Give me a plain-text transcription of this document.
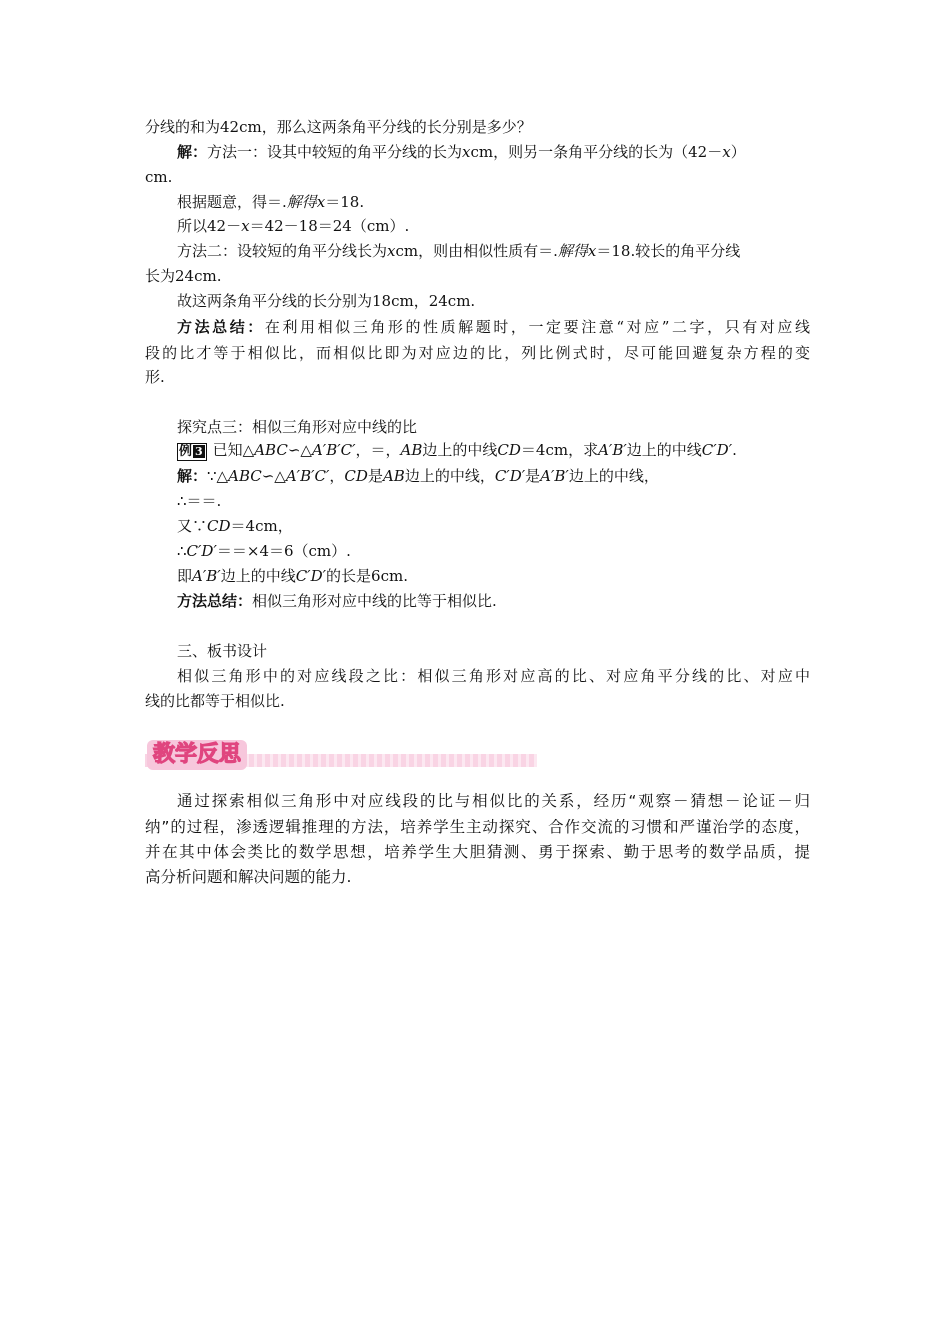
分线的和为42cm，那么这两条角平分线的长分别是多少？
解：方法一：设其中较短的角平分线的长为xcm，则另一条角平分线的长为（42－x）
cm.
根据题意，得＝.解得x＝18.
所以42－x＝42－18＝24（cm）.
方法二：设较短的角平分线长为xcm，则由相似性质有＝.解得x＝18.较长的角平分线
长为24cm.
故这两条角平分线的长分别为18cm，24cm.
方法总结：在利用相似三角形的性质解题时，一定要注意“对应”二字，只有对应线
段的比才等于相似比，而相似比即为对应边的比，列比例式时，尽可能回避复杂方程的变
形.
探究点三：相似三角形对应中线的比
例 3 已知△ABC∽△A′B′C′，＝，AB边上的中线CD＝4cm，求A′B′边上的中线C′D′.
解：∵△ABC∽△A′B′C′，CD是AB边上的中线，C′D′是A′B′边上的中线，
∴＝＝.
又∵CD＝4cm，
∴C′D′＝＝×4＝6（cm）.
即A′B′边上的中线C′D′的长是6cm.
方法总结：相似三角形对应中线的比等于相似比.
三、板书设计
相似三角形中的对应线段之比：相似三角形对应高的比、对应角平分线的比、对应中
线的比都等于相似比.
教学反思
通过探索相似三角形中对应线段的比与相似比的关系，经历“观察－猜想－论证－归
纳”的过程，渗透逻辑推理的方法，培养学生主动探究、合作交流的习惯和严谨治学的态度，
并在其中体会类比的数学思想，培养学生大胆猜测、勇于探索、勤于思考的数学品质，提
高分析问题和解决问题的能力.
